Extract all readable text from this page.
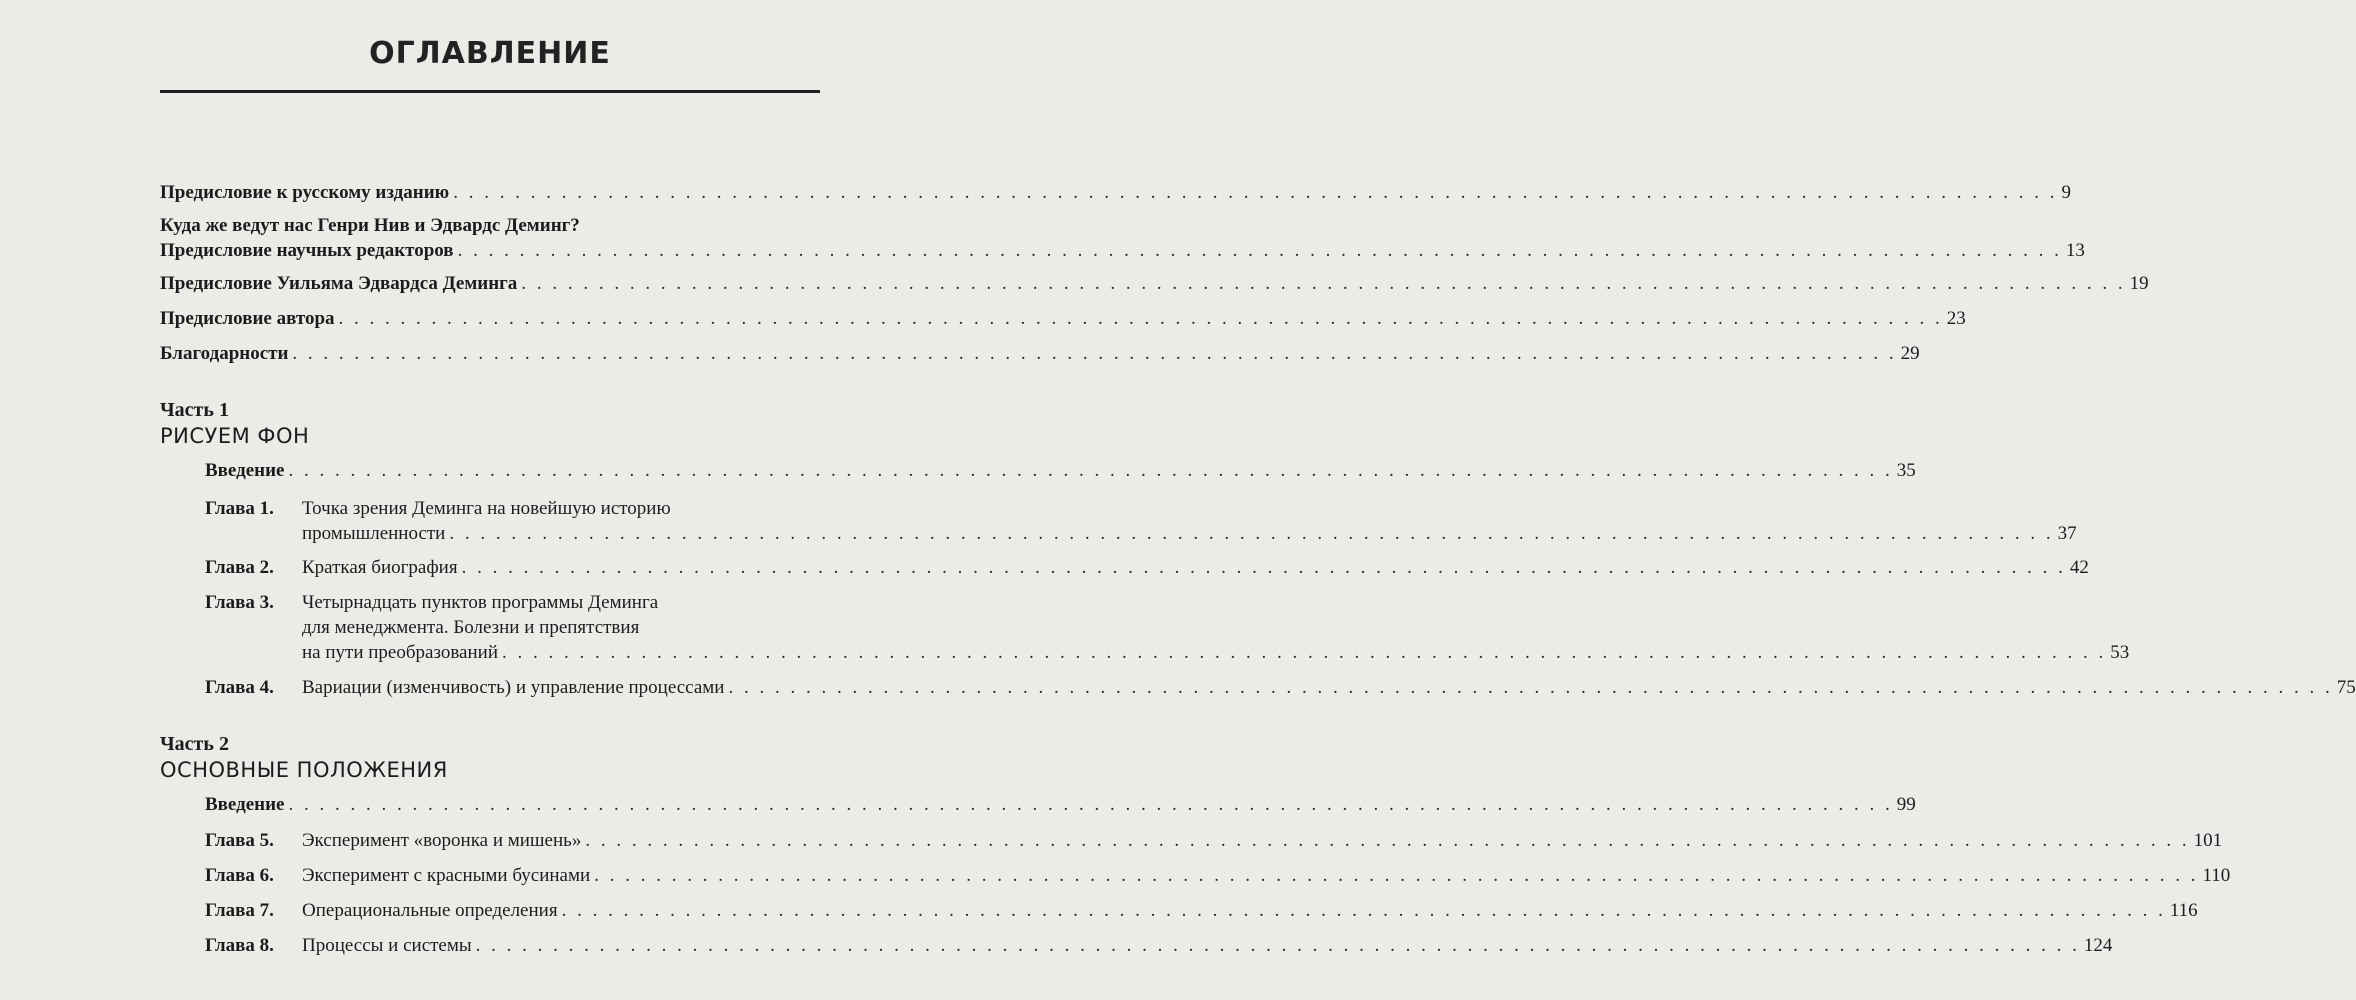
ОГЛАВЛЕНИЕ
Предисловие к русскому изданию . . .	9
Куда же ведут нас Генри Нив и Эдвардс Деминг?
Предисловие научных редакторов . . .	13
Предисловие Уильяма Эдвардса Деминга . . .	19
Предисловие автора . . .	23
Благодарности . . .	29
Часть 1
РИСУЕМ ФОН
Введение . . .	35
Глава 1.	Точка зрения Деминга на новейшую историю
промышленности . . .	37
Глава 2.	Краткая биография . . .	42
Глава 3.	Четырнадцать пунктов программы Деминга
для менеджмента. Болезни и препятствия
на пути преобразований . . .	53
Глава 4.	Вариации (изменчивость) и управление процессами . . .	75
Часть 2
ОСНОВНЫЕ ПОЛОЖЕНИЯ
Введение . . .	99
Глава 5.	Эксперимент «воронка и мишень» . . .	101
Глава 6.	Эксперимент с красными бусинами . . .	110
Глава 7.	Операциональные определения . . .	116
Глава 8.	Процессы и системы . . .	124
